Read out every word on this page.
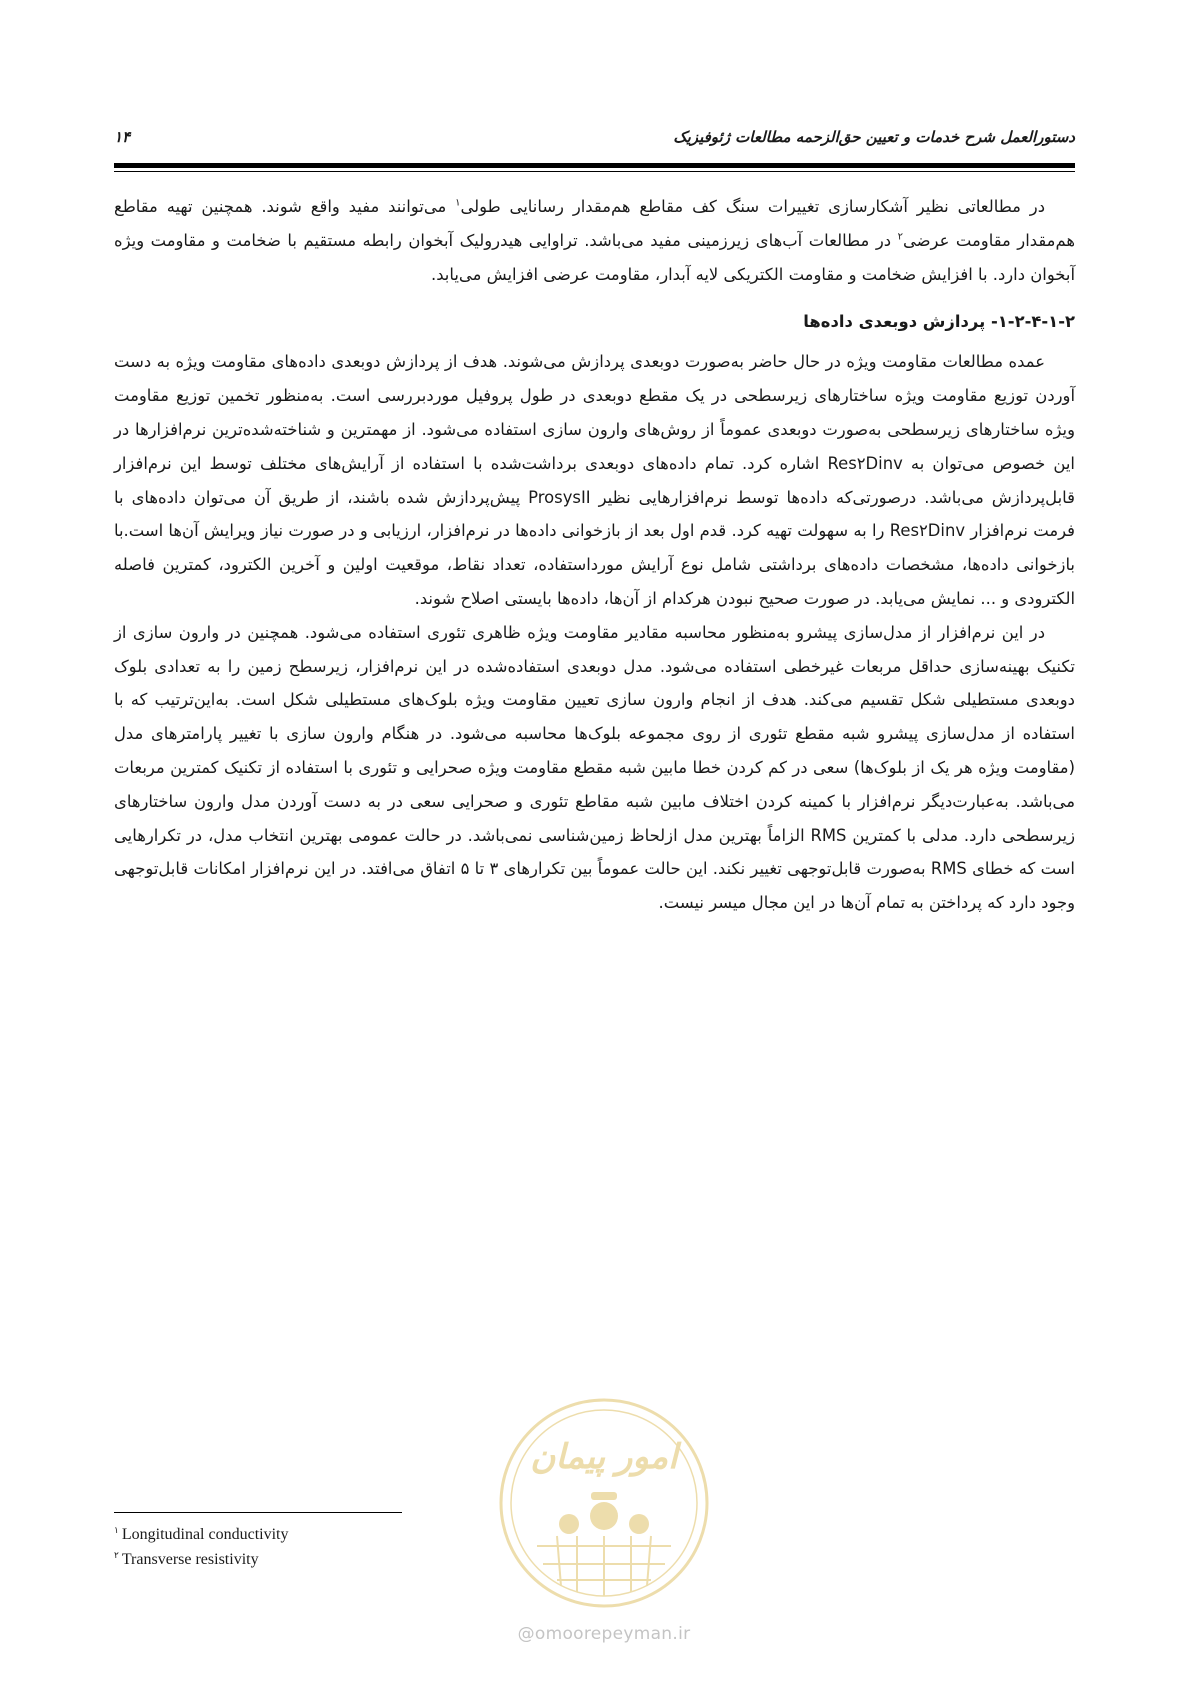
دستورالعمل شرح خدمات و تعیین حق‌الزحمه مطالعات ژئوفیزیک
۱۴

در مطالعاتی نظیر آشکارسازی تغییرات سنگ کف مقاطع هم‌مقدار رسانایی طولی$^۱$ می‌توانند مفید واقع شوند. همچنین تهیه مقاطع هم‌مقدار مقاومت عرضی$^۲$ در مطالعات آب‌های زیرزمینی مفید می‌باشد. تراوایی هیدرولیک آبخوان رابطه مستقیم با ضخامت و مقاومت ویژه آبخوان دارد. با افزایش ضخامت و مقاومت الکتریکی لایه آبدار، مقاومت عرضی افزایش می‌یابد.

۱-۲-۴-۱-۲- پردازش دوبعدی داده‌ها

عمده مطالعات مقاومت ویژه در حال حاضر به‌صورت دوبعدی پردازش می‌شوند. هدف از پردازش دوبعدی داده‌های مقاومت ویژه به دست آوردن توزیع مقاومت ویژه ساختارهای زیرسطحی در یک مقطع دوبعدی در طول پروفیل موردبررسی است. به‌منظور تخمین توزیع مقاومت ویژه ساختارهای زیرسطحی به‌صورت دوبعدی عموماً از روش‌های وارون سازی استفاده می‌شود. از مهمترین و شناخته‌شده‌ترین نرم‌افزارها در این خصوص می‌توان به Res۲Dinv اشاره کرد. تمام داده‌های دوبعدی برداشت‌شده با استفاده از آرایش‌های مختلف توسط این نرم‌افزار قابل‌پردازش می‌باشد. درصورتی‌که داده‌ها توسط نرم‌افزارهایی نظیر ProsysII پیش‌پردازش شده باشند، از طریق آن می‌توان داده‌های با فرمت نرم‌افزار Res۲Dinv را به سهولت تهیه کرد. قدم اول بعد از بازخوانی داده‌ها در نرم‌افزار، ارزیابی و در صورت نیاز ویرایش آن‌ها است.با بازخوانی داده‌ها، مشخصات داده‌های برداشتی شامل نوع آرایش مورداستفاده، تعداد نقاط، موقعیت اولین و آخرین الکترود، کمترین فاصله الکترودی و ... نمایش می‌یابد. در صورت صحیح نبودن هرکدام از آن‌ها، داده‌ها بایستی اصلاح شوند.

در این نرم‌افزار از مدل‌سازی پیشرو به‌منظور محاسبه مقادیر مقاومت ویژه ظاهری تئوری استفاده می‌شود. همچنین در وارون سازی از تکنیک بهینه‌سازی حداقل مربعات غیرخطی استفاده می‌شود. مدل دوبعدی استفاده‌شده در این نرم‌افزار، زیرسطح زمین را به تعدادی بلوک دوبعدی مستطیلی شکل تقسیم می‌کند. هدف از انجام وارون سازی تعیین مقاومت ویژه بلوک‌های مستطیلی شکل است. به‌این‌ترتیب که با استفاده از مدل‌سازی پیشرو شبه مقطع تئوری از روی مجموعه بلوک‌ها محاسبه می‌شود. در هنگام وارون سازی با تغییر پارامترهای مدل (مقاومت ویژه هر یک از بلوک‌ها) سعی در کم کردن خطا مابین شبه مقطع مقاومت ویژه صحرایی و تئوری با استفاده از تکنیک کمترین مربعات می‌باشد. به‌عبارت‌دیگر نرم‌افزار با کمینه کردن اختلاف مابین شبه مقاطع تئوری و صحرایی سعی در به دست آوردن مدل وارون ساختارهای زیرسطحی دارد. مدلی با کمترین RMS الزاماً بهترین مدل ازلحاظ زمین‌شناسی نمی‌باشد. در حالت عمومی بهترین انتخاب مدل، در تکرارهایی است که خطای RMS به‌صورت قابل‌توجهی تغییر نکند. این حالت عموماً بین تکرارهای ۳ تا ۵ اتفاق می‌افتد. در این نرم‌افزار امکانات قابل‌توجهی وجود دارد که پرداختن به تمام آن‌ها در این مجال میسر نیست.

$^۱$ Longitudinal conductivity
$^۲$ Transverse resistivity
امور پیمان
@omoorepeyman.ir
